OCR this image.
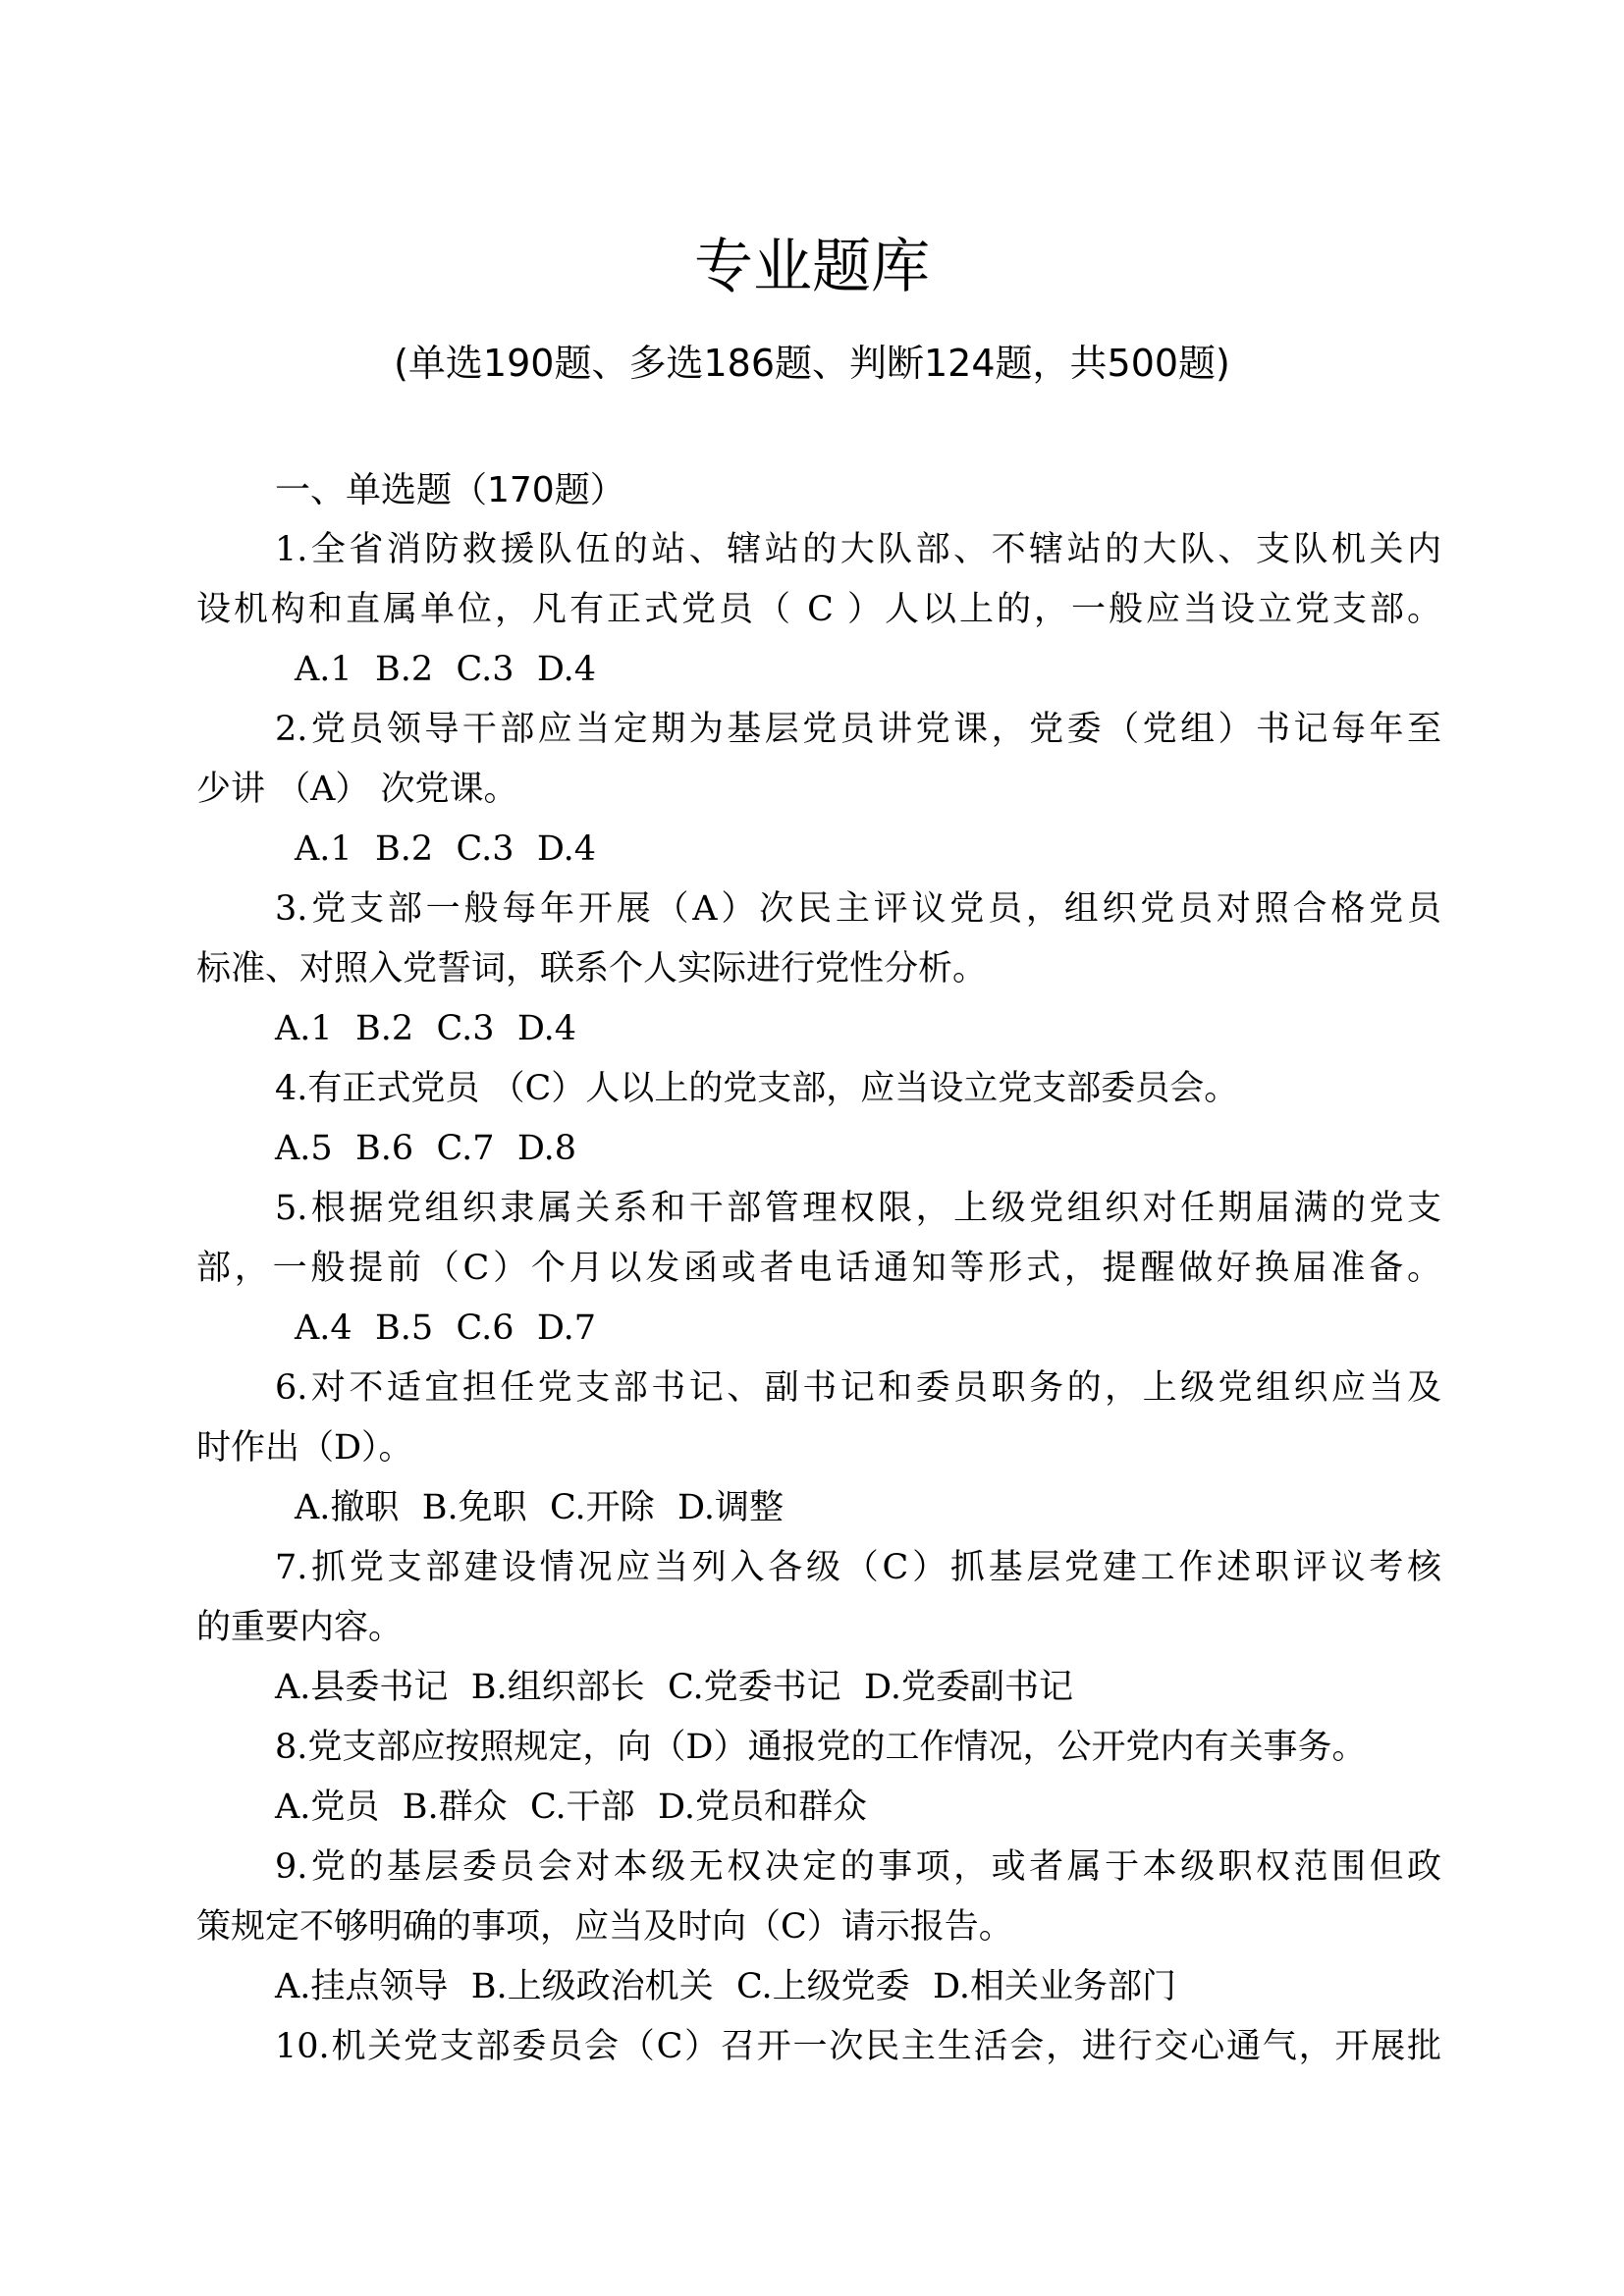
专业题库

(单选190题、多选186题、判断124题，共500题)

一、单选题（170题）
1.全省消防救援队伍的站、辖站的大队部、不辖站的大队、支队机关内
设机构和直属单位，凡有正式党员（ C ）人以上的，一般应当设立党支部。
A.1 B.2 C.3 D.4
2.党员领导干部应当定期为基层党员讲党课，党委（党组）书记每年至
少讲 （A） 次党课。
A.1 B.2 C.3 D.4
3.党支部一般每年开展（A）次民主评议党员，组织党员对照合格党员
标准、对照入党誓词，联系个人实际进行党性分析。
A.1 B.2 C.3 D.4
4.有正式党员 （C）人以上的党支部，应当设立党支部委员会。
A.5 B.6 C.7 D.8
5.根据党组织隶属关系和干部管理权限，上级党组织对任期届满的党支
部，一般提前（C）个月以发函或者电话通知等形式，提醒做好换届准备。
A.4 B.5 C.6 D.7
6.对不适宜担任党支部书记、副书记和委员职务的，上级党组织应当及
时作出（D）。
A.撤职 B.免职 C.开除 D.调整
7.抓党支部建设情况应当列入各级（C）抓基层党建工作述职评议考核
的重要内容。
A.县委书记 B.组织部长 C.党委书记 D.党委副书记
8.党支部应按照规定，向（D）通报党的工作情况，公开党内有关事务。
A.党员 B.群众 C.干部 D.党员和群众
9.党的基层委员会对本级无权决定的事项，或者属于本级职权范围但政
策规定不够明确的事项，应当及时向（C）请示报告。
A.挂点领导 B.上级政治机关 C.上级党委 D.相关业务部门
10.机关党支部委员会（C）召开一次民主生活会，进行交心通气，开展批
